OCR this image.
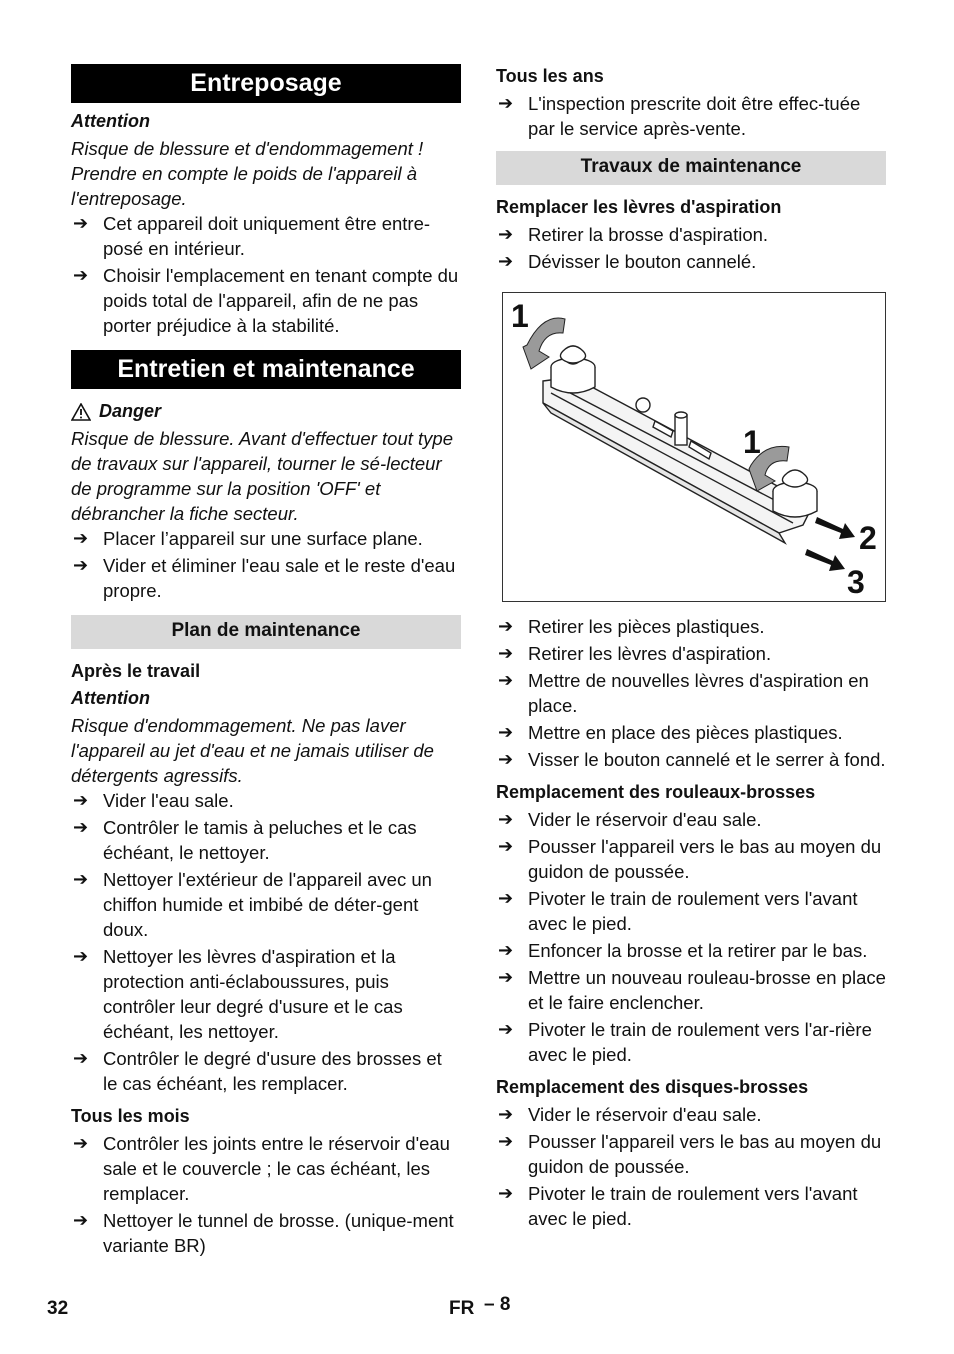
Entreposage
Attention

Risque de blessure et d'endommagement ! Prendre en compte le poids de l'appareil à l'entreposage.

➔ Cet appareil doit uniquement être entre-posé en intérieur.
➔ Choisir l'emplacement en tenant compte du poids total de l'appareil, afin de ne pas porter préjudice à la stabilité.
Entretien et maintenance
Danger

Risque de blessure. Avant d'effectuer tout type de travaux sur l'appareil, tourner le sé-lecteur de programme sur la position 'OFF' et débrancher la fiche secteur.

➔ Placer l’appareil sur une surface plane.
➔ Vider et éliminer l'eau sale et le reste d'eau propre.
Plan de maintenance
Après le travail
Attention

Risque d'endommagement. Ne pas laver l'appareil au jet d'eau et ne jamais utiliser de détergents agressifs.

➔ Vider l'eau sale.
➔ Contrôler le tamis à peluches et le cas échéant, le nettoyer.
➔ Nettoyer l'extérieur de l'appareil avec un chiffon humide et imbibé de déter-gent doux.
➔ Nettoyer les lèvres d'aspiration et la protection anti-éclaboussures, puis contrôler leur degré d'usure et le cas échéant, les nettoyer.
➔ Contrôler le degré d'usure des brosses et le cas échéant, les remplacer.
Tous les mois
➔ Contrôler les joints entre le réservoir d'eau sale et le couvercle ; le cas échéant, les remplacer.
➔ Nettoyer le tunnel de brosse. (unique-ment variante BR)
Tous les ans
➔ L'inspection prescrite doit être effec-tuée par le service après-vente.
Travaux de maintenance
Remplacer les lèvres d'aspiration
➔ Retirer la brosse d'aspiration.
➔ Dévisser le bouton cannelé.
1
1
2
3
➔ Retirer les pièces plastiques.
➔ Retirer les lèvres d'aspiration.
➔ Mettre de nouvelles lèvres d'aspiration en place.
➔ Mettre en place des pièces plastiques.
➔ Visser le bouton cannelé et le serrer à fond.
Remplacement des rouleaux-brosses
➔ Vider le réservoir d'eau sale.
➔ Pousser l'appareil vers le bas au moyen du guidon de poussée.
➔ Pivoter le train de roulement vers l'avant avec le pied.
➔ Enfoncer la brosse et la retirer par le bas.
➔ Mettre un nouveau rouleau-brosse en place et le faire enclencher.
➔ Pivoter le train de roulement vers l'ar-rière avec le pied.
Remplacement des disques-brosses
➔ Vider le réservoir d'eau sale.
➔ Pousser l'appareil vers le bas au moyen du guidon de poussée.
➔ Pivoter le train de roulement vers l'avant avec le pied.
32	FR – 8
